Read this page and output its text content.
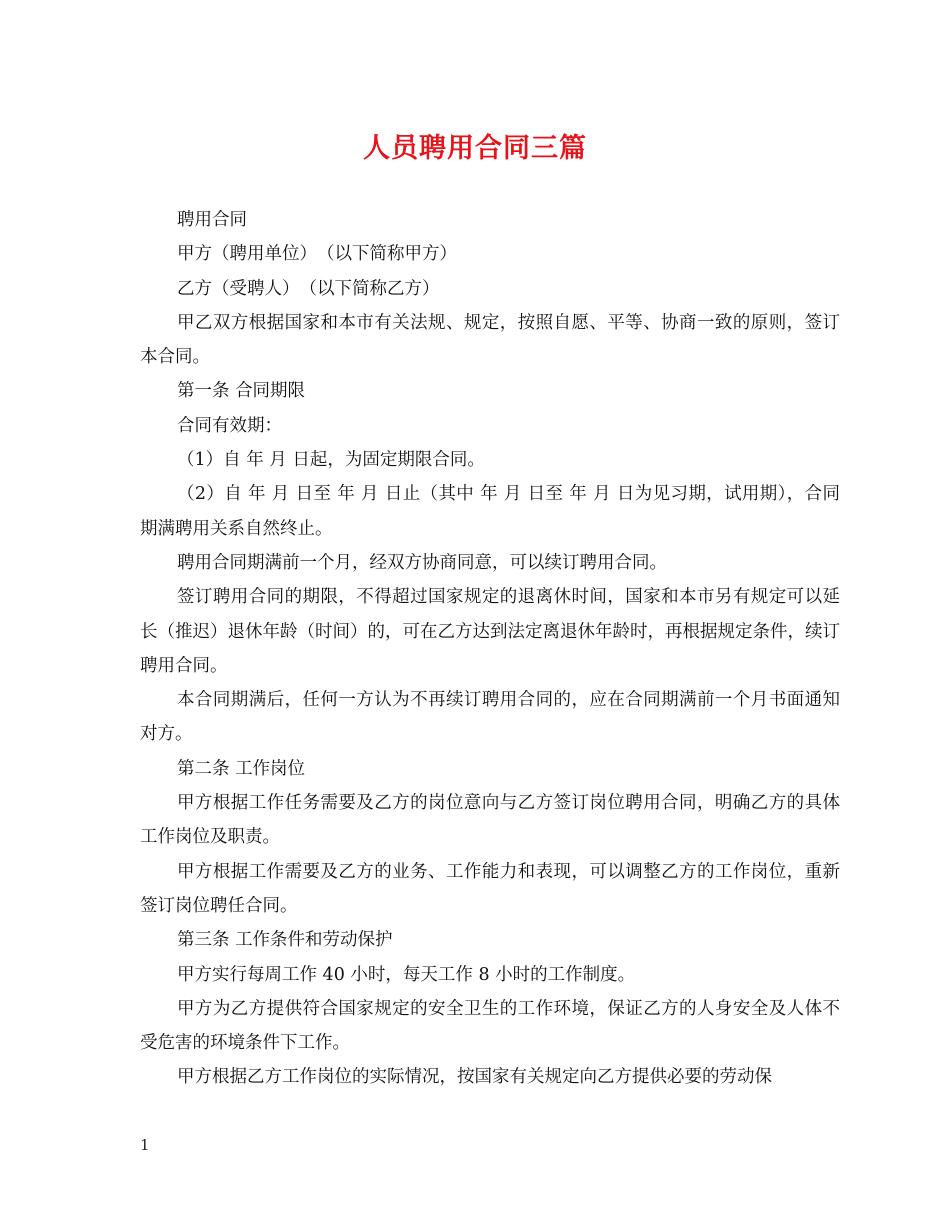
人员聘用合同三篇

聘用合同

甲方（聘用单位）　（以下简称甲方）

乙方（受聘人）　（以下简称乙方）

甲乙双方根据国家和本市有关法规、规定，按照自愿、平等、协商一致的原则，签订本合同。

第一条 合同期限

合同有效期：

（1）自 年 月 日起，为固定期限合同。

（2）自 年 月 日至 年 月 日止（其中 年 月 日至 年 月 日为见习期，试用期），合同期满聘用关系自然终止。

聘用合同期满前一个月，经双方协商同意，可以续订聘用合同。

签订聘用合同的期限，不得超过国家规定的退离休时间，国家和本市另有规定可以延长（推迟）退休年龄（时间）的，可在乙方达到法定离退休年龄时，再根据规定条件，续订聘用合同。

本合同期满后，任何一方认为不再续订聘用合同的，应在合同期满前一个月书面通知对方。

第二条 工作岗位

甲方根据工作任务需要及乙方的岗位意向与乙方签订岗位聘用合同，明确乙方的具体工作岗位及职责。

甲方根据工作需要及乙方的业务、工作能力和表现，可以调整乙方的工作岗位，重新签订岗位聘任合同。

第三条 工作条件和劳动保护

甲方实行每周工作 40 小时，每天工作 8 小时的工作制度。

甲方为乙方提供符合国家规定的安全卫生的工作环境，保证乙方的人身安全及人体不受危害的环境条件下工作。

甲方根据乙方工作岗位的实际情况，按国家有关规定向乙方提供必要的劳动保

1
